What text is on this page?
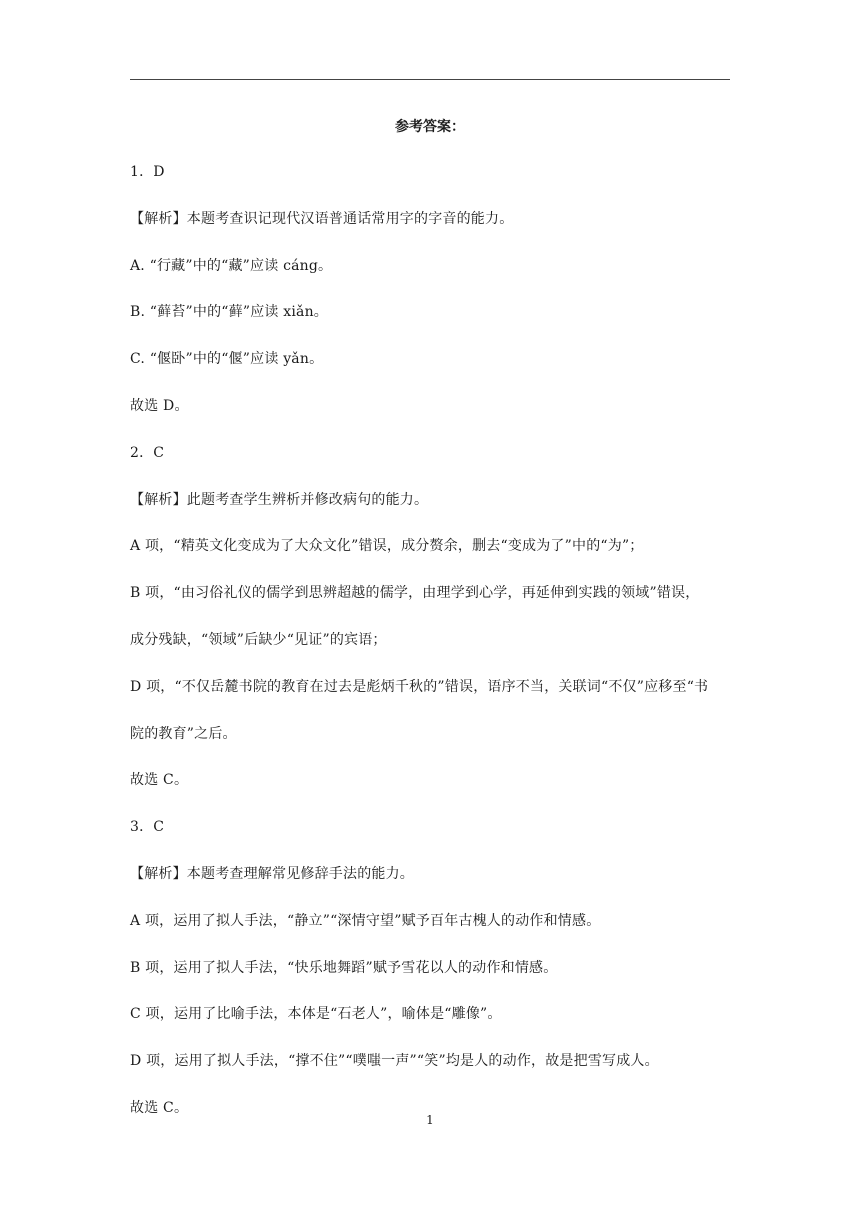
参考答案：
1．D
【解析】本题考查识记现代汉语普通话常用字的字音的能力。
A. “行藏”中的“藏”应读 cáng。
B. “藓苔”中的“藓”应读 xiǎn。
C. “偃卧”中的“偃”应读 yǎn。
故选 D。
2．C
【解析】此题考查学生辨析并修改病句的能力。
A 项，“精英文化变成为了大众文化”错误，成分赘余，删去“变成为了”中的“为”；
B 项，“由习俗礼仪的儒学到思辨超越的儒学，由理学到心学，再延伸到实践的领域”错误，
成分残缺，“领域”后缺少“见证”的宾语；
D 项，“不仅岳麓书院的教育在过去是彪炳千秋的”错误，语序不当，关联词“不仅”应移至“书
院的教育”之后。
故选 C。
3．C
【解析】本题考查理解常见修辞手法的能力。
A 项，运用了拟人手法，“静立”“深情守望”赋予百年古槐人的动作和情感。
B 项，运用了拟人手法，“快乐地舞蹈”赋予雪花以人的动作和情感。
C 项，运用了比喻手法，本体是“石老人”，喻体是“雕像”。
D 项，运用了拟人手法，“撑不住”“噗嗤一声”“笑”均是人的动作，故是把雪写成人。
故选 C。
1
